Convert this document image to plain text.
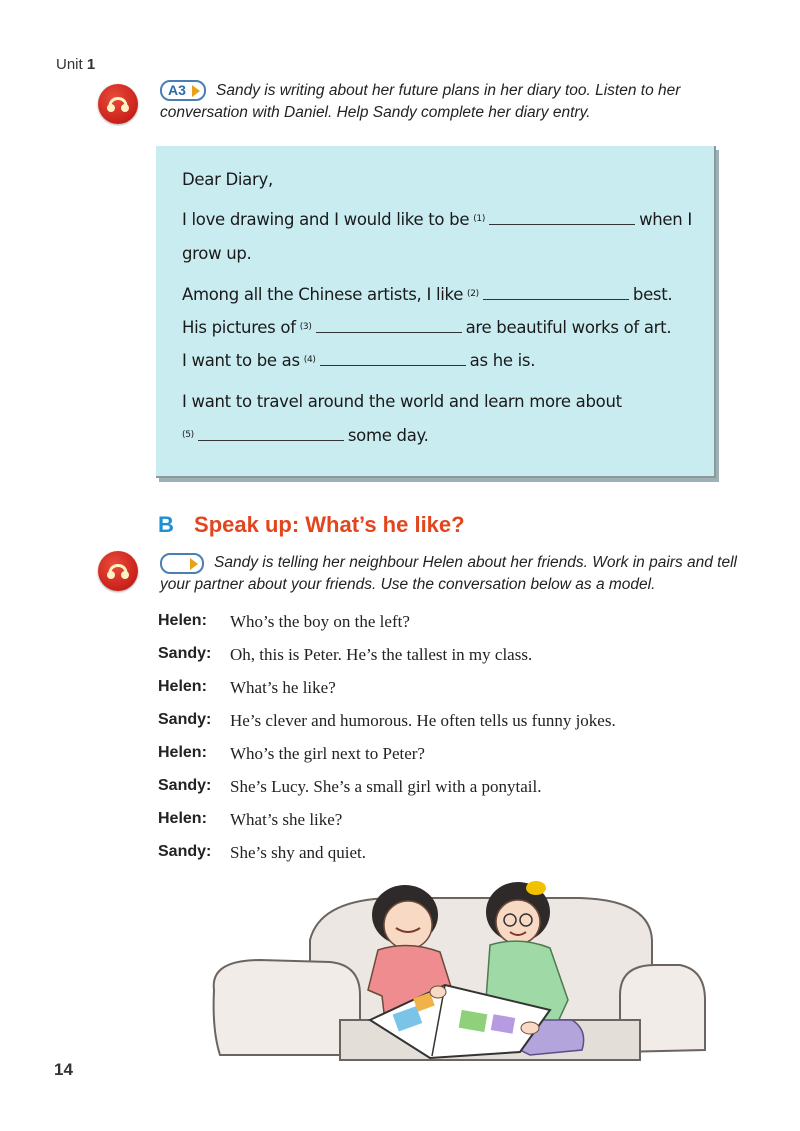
Unit 1
A3	Sandy is writing about her future plans in her diary too. Listen to her conversation with Daniel. Help Sandy complete her diary entry.
Dear Diary,
I love drawing and I would like to be $^{(1)}$	when I
grow up.
Among all the Chinese artists, I like $^{(2)}$	best.
His pictures of $^{(3)}$	are beautiful works of art.
I want to be as $^{(4)}$	as he is.
I want to travel around the world and learn more about
$^{(5)}$	some day.
B Speak up: What’s he like?
Sandy is telling her neighbour Helen about her friends. Work in pairs and tell your partner about your friends. Use the conversation below as a model.
Helen: Who’s the boy on the left?
Sandy: Oh, this is Peter. He’s the tallest in my class.
Helen: What’s he like?
Sandy: He’s clever and humorous. He often tells us funny jokes.
Helen: Who’s the girl next to Peter?
Sandy: She’s Lucy. She’s a small girl with a ponytail.
Helen: What’s she like?
Sandy: She’s shy and quiet.
14
